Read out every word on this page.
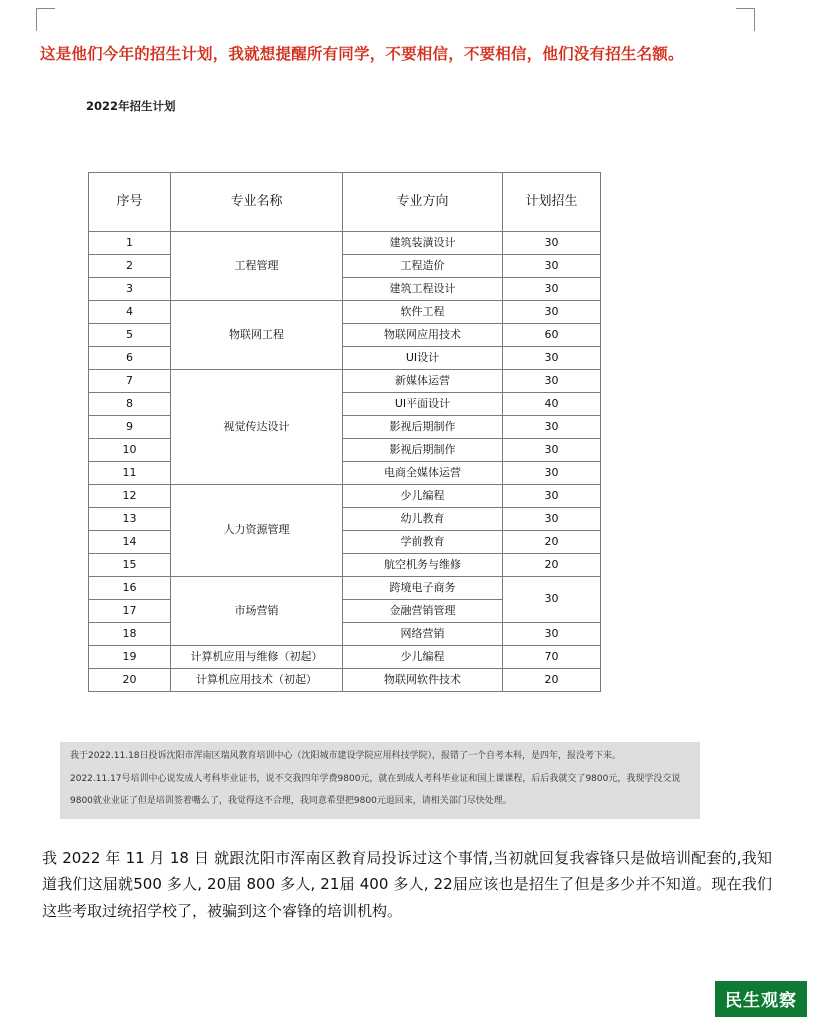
这是他们今年的招生计划，我就想提醒所有同学，不要相信，不要相信，他们没有招生名额。
2022年招生计划
序号	专业名称	专业方向	计划招生
1	工程管理	建筑装潢设计	30
2		工程造价	30
3		建筑工程设计	30
4	物联网工程	软件工程	30
5		物联网应用技术	60
6		UI设计	30
7	视觉传达设计	新媒体运营	30
8		UI平面设计	40
9		影视后期制作	30
10		影视后期制作	30
11		电商全媒体运营	30
12	人力资源管理	少儿编程	30
13		幼儿教育	30
14		学前教育	20
15		航空机务与维修	20
16	市场营销	跨境电子商务	30
17		金融营销管理	
18		网络营销	30
19	计算机应用与维修（初起）	少儿编程	70
20	计算机应用技术（初起）	物联网软件技术	20

我于2022.11.18日投诉沈阳市浑南区瑞风教育培训中心（沈阳城市建设学院应用科技学院），报错了一个自考本科，是四年，报没考下来。

2022.11.17号培训中心说发成人考科毕业证书，说不交我四年学费9800元，就在到成人考科毕业证和国上课课程，后后我就交了9800元，我现学没交说

9800就业业证了但是培训签着嘴么了，我觉得这不合理，我同意希望把9800元退回来，请相关部门尽快处理。

我 2022 年 11 月 18 日 就跟沈阳市浑南区教育局投诉过这个事情,当初就回复我睿锋只是做培训配套的,我知道我们这届就500 多人, 20届 800 多人, 21届 400 多人, 22届应该也是招生了但是多少并不知道。现在我们这些考取过统招学校了，被骗到这个睿锋的培训机构。
民生观察
